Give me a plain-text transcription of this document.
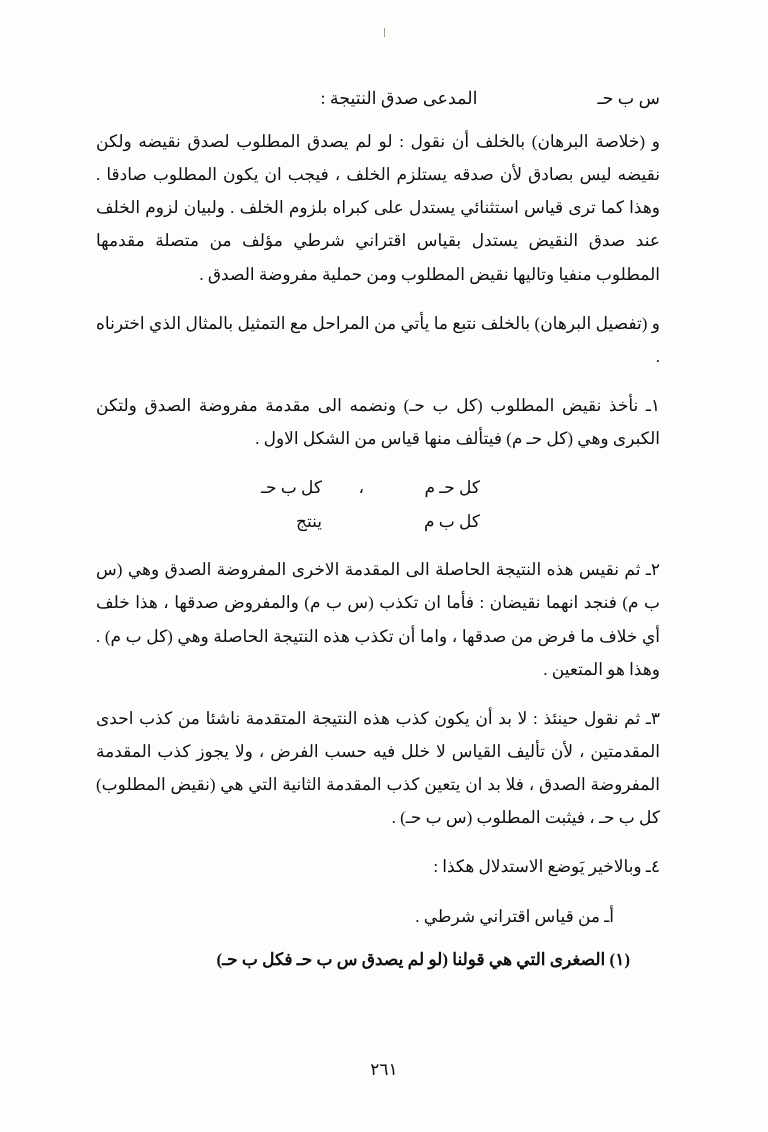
س ب حـ
المدعى صدق النتيجة :

و (خلاصة البرهان) بالخلف أن نقول : لو لم يصدق المطلوب لصدق نقيضه ولكن نقيضه ليس بصادق لأن صدقه يستلزم الخلف ، فيجب ان يكون المطلوب صادقا . وهذا كما ترى قياس استثنائي يستدل على كبراه بلزوم الخلف . ولبيان لزوم الخلف عند صدق النقيض يستدل بقياس اقتراني شرطي مؤلف من متصلة مقدمها المطلوب منفيا وتاليها نقيض المطلوب ومن حملية مفروضة الصدق .

و (تفصيل البرهان) بالخلف نتبع ما يأتي من المراحل مع التمثيل بالمثال الذي اخترناه .

١ـ نأخذ نقيض المطلوب (كل ب حـ) ونضمه الى مقدمة مفروضة الصدق ولتكن الكبرى وهي (كل حـ م) فيتألف منها قياس من الشكل الاول .

كل حـ م
،
كل ب حـ
كل ب م
ينتج

٢ـ ثم نقيس هذه النتيجة الحاصلة الى المقدمة الاخرى المفروضة الصدق وهي (س ب م) فنجد انهما نقيضان : فأما ان تكذب (س ب م) والمفروض صدقها ، هذا خلف أي خلاف ما فرض من صدقها ، واما أن تكذب هذه النتيجة الحاصلة وهي (كل ب م) . وهذا هو المتعين .

٣ـ ثم نقول حينئذ : لا بد أن يكون كذب هذه النتيجة المتقدمة ناشئا من كذب احدى المقدمتين ، لأن تأليف القياس لا خلل فيه حسب الفرض ، ولا يجوز كذب المقدمة المفروضة الصدق ، فلا بد ان يتعين كذب المقدمة الثانية التي هي (نقيض المطلوب) كل ب حـ ، فيثبت المطلوب (س ب حـ) .

٤ـ وبالاخير يَوضع الاستدلال هكذا :

أـ من قياس اقتراني شرطي .

(١) الصغرى التي هي قولنا (لو لم يصدق س ب حـ فكل ب حـ)

٢٦١
